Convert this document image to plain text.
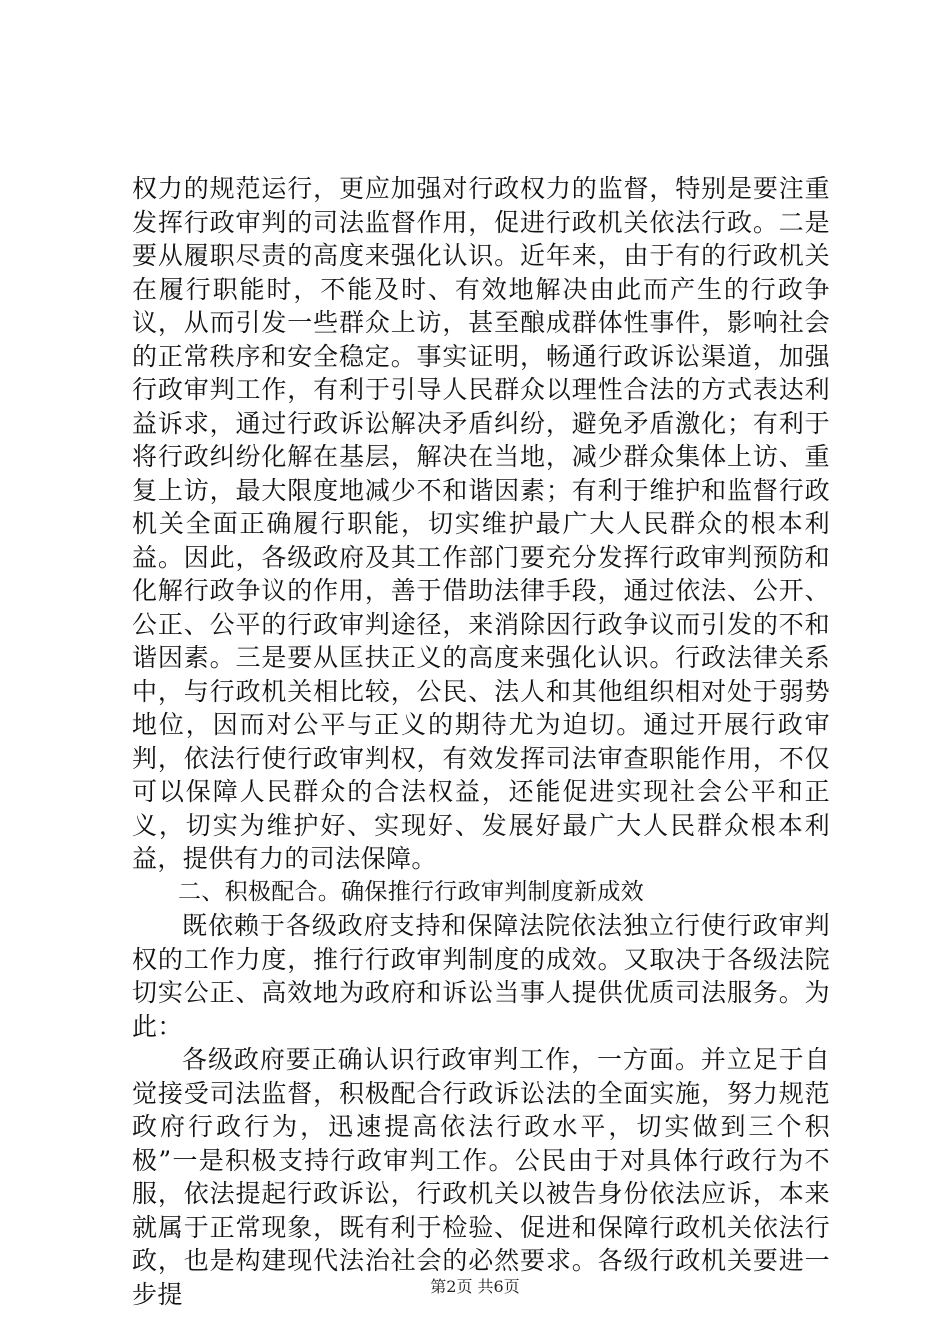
权力的规范运行，更应加强对行政权力的监督，特别是要注重发挥行政审判的司法监督作用，促进行政机关依法行政。二是要从履职尽责的高度来强化认识。近年来，由于有的行政机关在履行职能时，不能及时、有效地解决由此而产生的行政争议，从而引发一些群众上访，甚至酿成群体性事件，影响社会的正常秩序和安全稳定。事实证明，畅通行政诉讼渠道，加强行政审判工作，有利于引导人民群众以理性合法的方式表达利益诉求，通过行政诉讼解决矛盾纠纷，避免矛盾激化；有利于将行政纠纷化解在基层，解决在当地，减少群众集体上访、重复上访，最大限度地减少不和谐因素；有利于维护和监督行政机关全面正确履行职能，切实维护最广大人民群众的根本利益。因此，各级政府及其工作部门要充分发挥行政审判预防和化解行政争议的作用，善于借助法律手段，通过依法、公开、公正、公平的行政审判途径，来消除因行政争议而引发的不和谐因素。三是要从匡扶正义的高度来强化认识。行政法律关系中，与行政机关相比较，公民、法人和其他组织相对处于弱势地位，因而对公平与正义的期待尤为迫切。通过开展行政审判，依法行使行政审判权，有效发挥司法审查职能作用，不仅可以保障人民群众的合法权益，还能促进实现社会公平和正义，切实为维护好、实现好、发展好最广大人民群众根本利益，提供有力的司法保障。

二、积极配合。确保推行行政审判制度新成效

既依赖于各级政府支持和保障法院依法独立行使行政审判权的工作力度，推行行政审判制度的成效。又取决于各级法院切实公正、高效地为政府和诉讼当事人提供优质司法服务。为此：

各级政府要正确认识行政审判工作，一方面。并立足于自觉接受司法监督，积极配合行政诉讼法的全面实施，努力规范政府行政行为，迅速提高依法行政水平，切实做到三个积极”一是积极支持行政审判工作。公民由于对具体行政行为不服，依法提起行政诉讼，行政机关以被告身份依法应诉，本来就属于正常现象，既有利于检验、促进和保障行政机关依法行政，也是构建现代法治社会的必然要求。各级行政机关要进一步提	第2页 共6页
